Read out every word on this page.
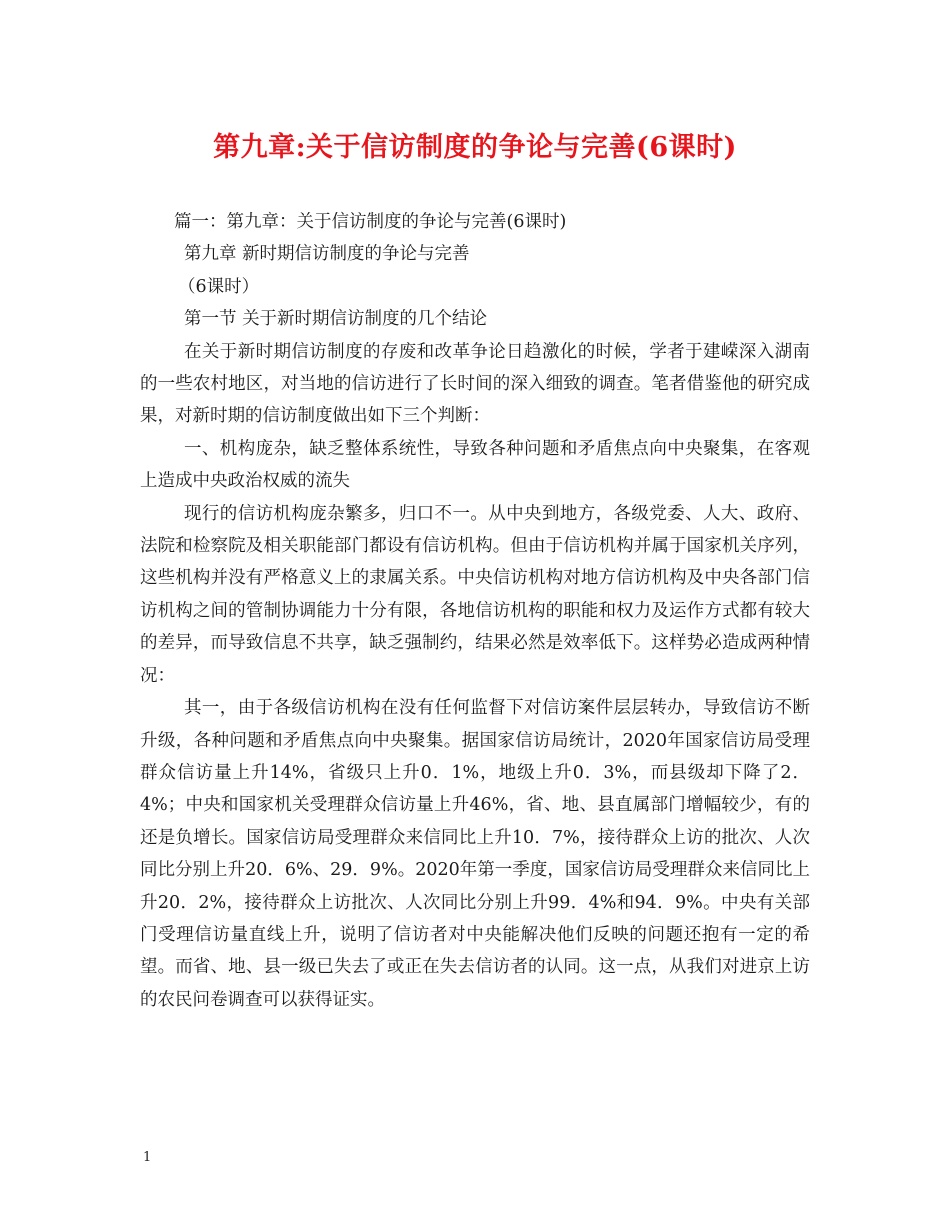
第九章:关于信访制度的争论与完善(6课时)
篇一：第九章：关于信访制度的争论与完善(6课时)
第九章 新时期信访制度的争论与完善
（6课时）
第一节 关于新时期信访制度的几个结论

在关于新时期信访制度的存废和改革争论日趋激化的时候，学者于建嵘深入湖南的一些农村地区，对当地的信访进行了长时间的深入细致的调查。笔者借鉴他的研究成果，对新时期的信访制度做出如下三个判断：

一、机构庞杂，缺乏整体系统性，导致各种问题和矛盾焦点向中央聚集，在客观上造成中央政治权威的流失

现行的信访机构庞杂繁多，归口不一。从中央到地方，各级党委、人大、政府、法院和检察院及相关职能部门都设有信访机构。但由于信访机构并属于国家机关序列，这些机构并没有严格意义上的隶属关系。中央信访机构对地方信访机构及中央各部门信访机构之间的管制协调能力十分有限，各地信访机构的职能和权力及运作方式都有较大的差异，而导致信息不共享，缺乏强制约，结果必然是效率低下。这样势必造成两种情况：

其一，由于各级信访机构在没有任何监督下对信访案件层层转办，导致信访不断升级，各种问题和矛盾焦点向中央聚集。据国家信访局统计，2020年国家信访局受理群众信访量上升14%，省级只上升0．1%，地级上升0．3%，而县级却下降了2．4%；中央和国家机关受理群众信访量上升46%，省、地、县直属部门增幅较少，有的还是负增长。国家信访局受理群众来信同比上升10．7%，接待群众上访的批次、人次同比分别上升20．6%、29．9%。2020年第一季度，国家信访局受理群众来信同比上升20．2%，接待群众上访批次、人次同比分别上升99．4%和94．9%。中央有关部门受理信访量直线上升，说明了信访者对中央能解决他们反映的问题还抱有一定的希望。而省、地、县一级已失去了或正在失去信访者的认同。这一点，从我们对进京上访的农民问卷调查可以获得证实。

1
